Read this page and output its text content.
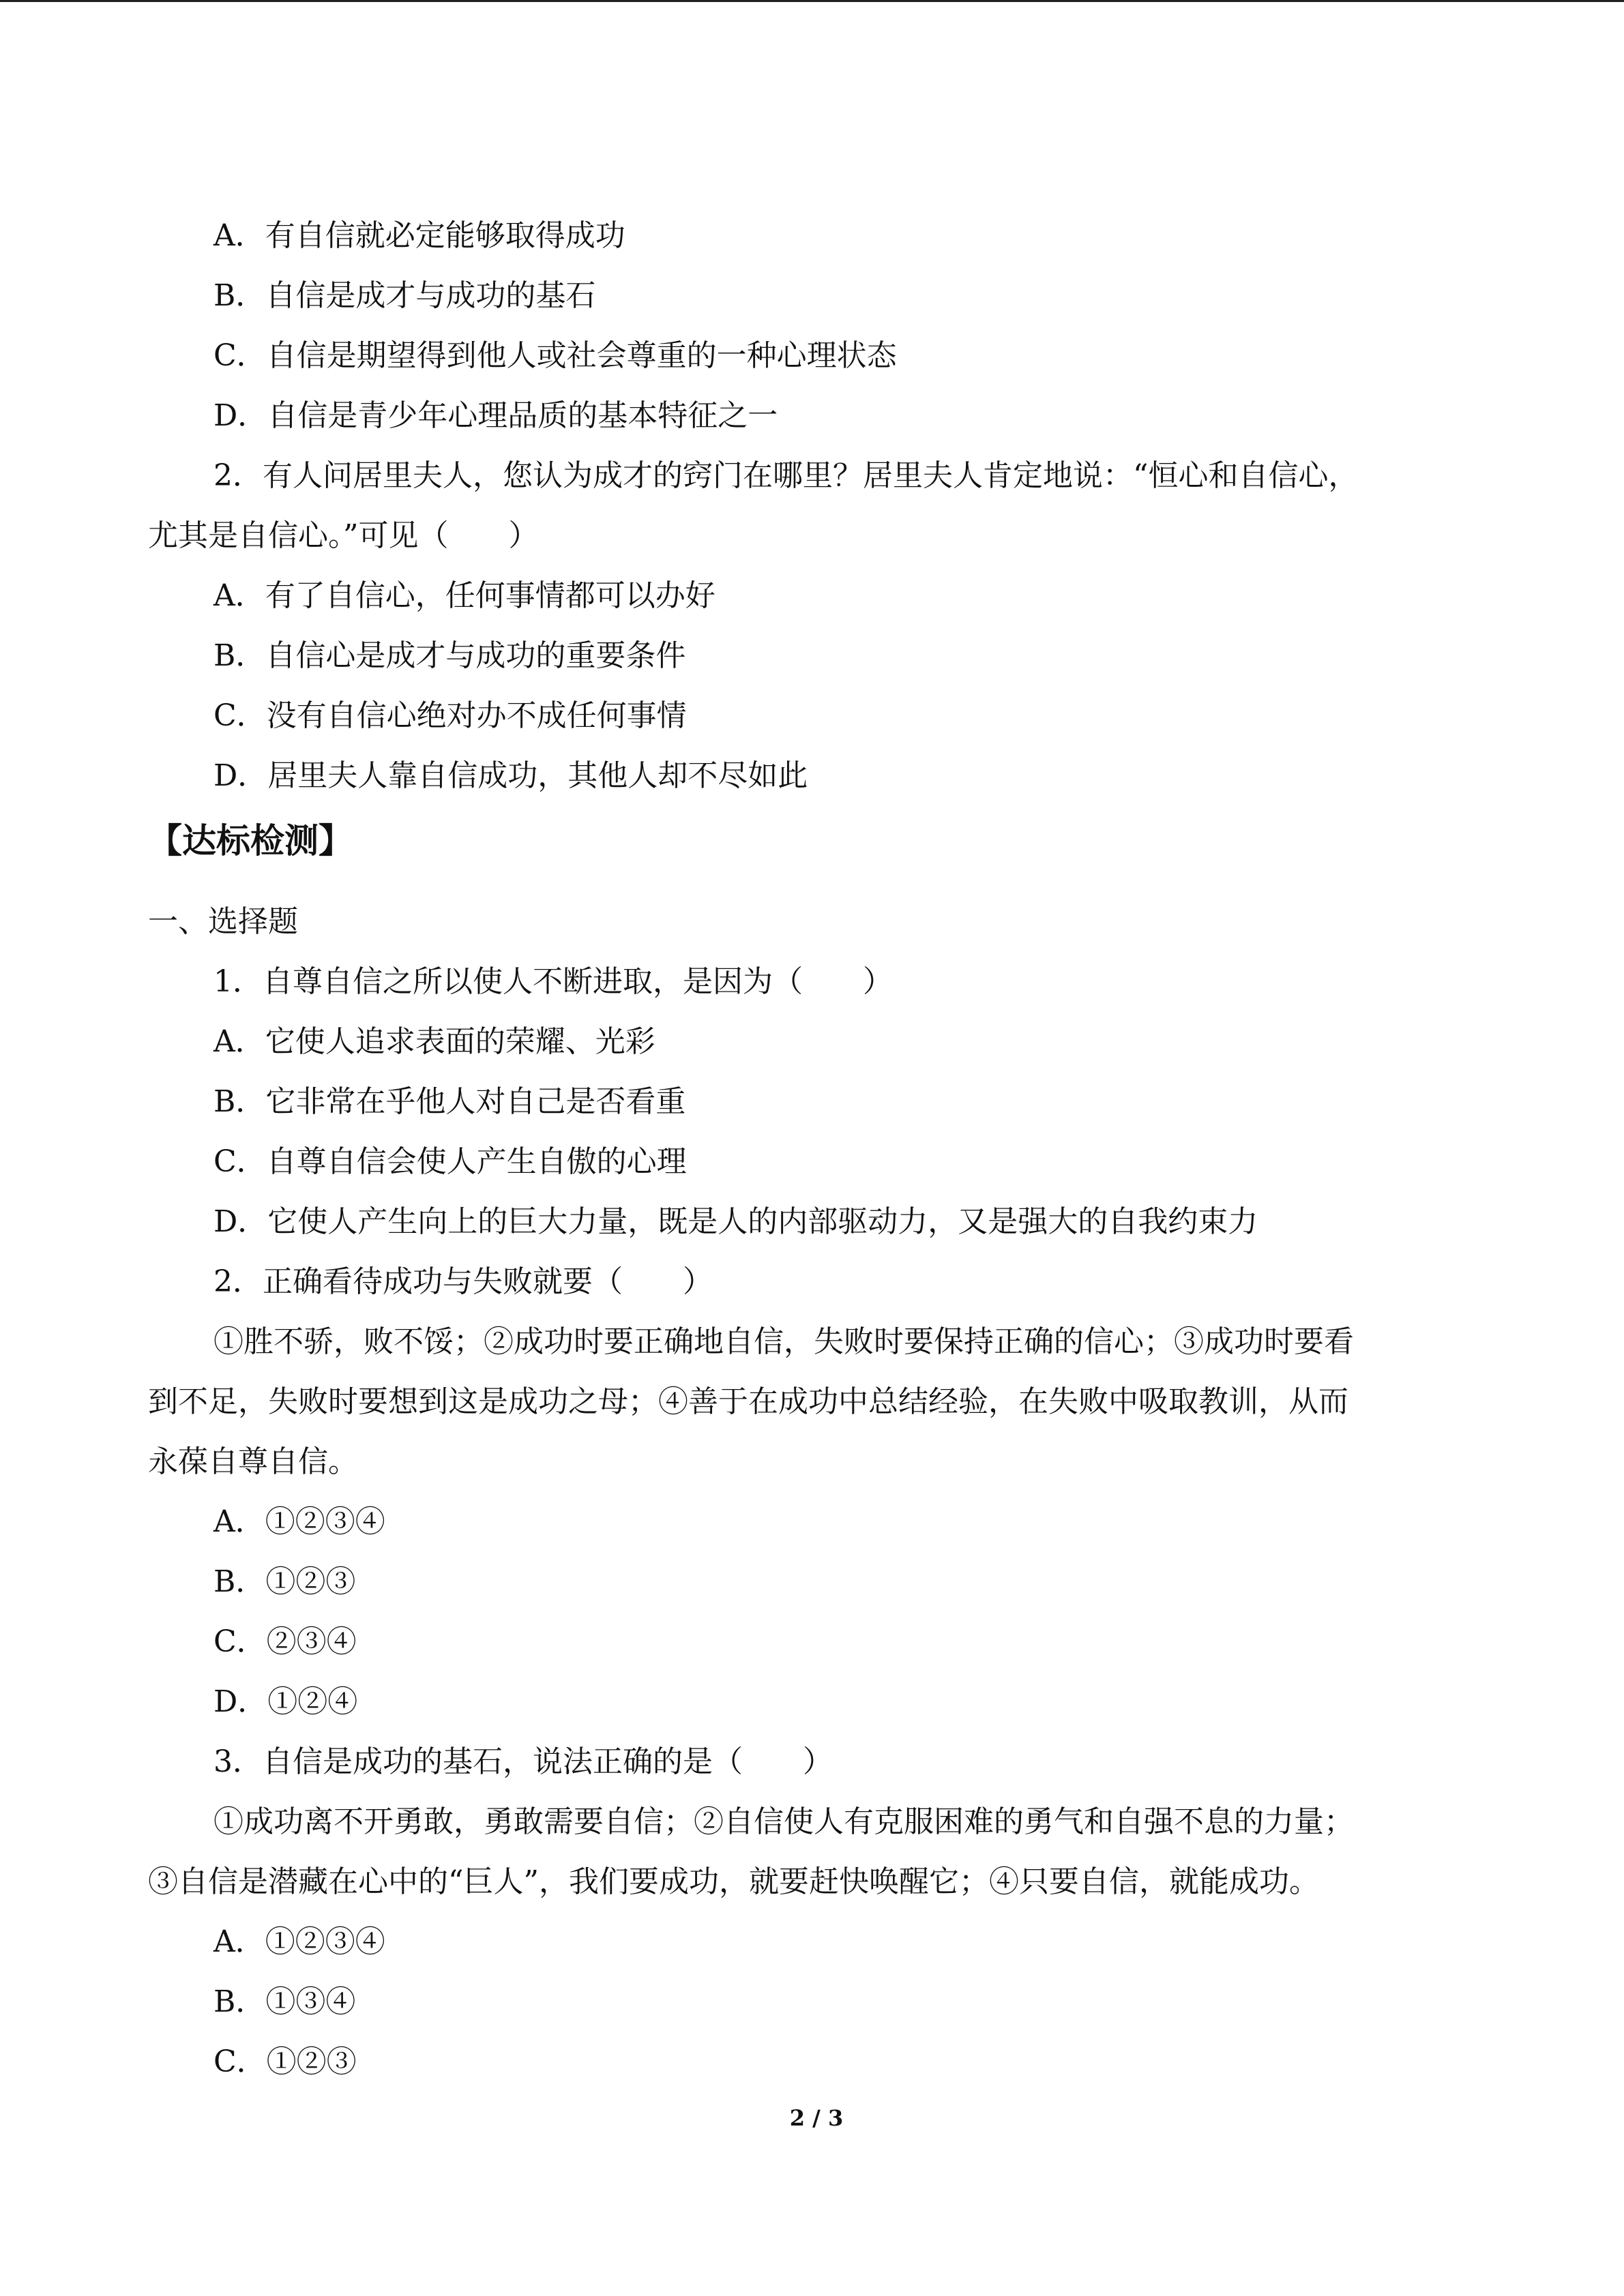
A．有自信就必定能够取得成功
B．自信是成才与成功的基石
C．自信是期望得到他人或社会尊重的一种心理状态
D．自信是青少年心理品质的基本特征之一
2．有人问居里夫人，您认为成才的窍门在哪里？居里夫人肯定地说：“恒心和自信心，
尤其是自信心。”可见（　　）
A．有了自信心，任何事情都可以办好
B．自信心是成才与成功的重要条件
C．没有自信心绝对办不成任何事情
D．居里夫人靠自信成功，其他人却不尽如此
【达标检测】
一、选择题
1．自尊自信之所以使人不断进取，是因为（　　）
A．它使人追求表面的荣耀、光彩
B．它非常在乎他人对自己是否看重
C．自尊自信会使人产生自傲的心理
D．它使人产生向上的巨大力量，既是人的内部驱动力，又是强大的自我约束力
2．正确看待成功与失败就要（　　）
①胜不骄，败不馁；②成功时要正确地自信，失败时要保持正确的信心；③成功时要看
到不足，失败时要想到这是成功之母；④善于在成功中总结经验，在失败中吸取教训，从而
永葆自尊自信。
A．①②③④
B．①②③
C．②③④
D．①②④
3．自信是成功的基石，说法正确的是（　　）
①成功离不开勇敢，勇敢需要自信；②自信使人有克服困难的勇气和自强不息的力量；
③自信是潜藏在心中的“巨人”，我们要成功，就要赶快唤醒它；④只要自信，就能成功。
A．①②③④
B．①③④
C．①②③
2 / 3
